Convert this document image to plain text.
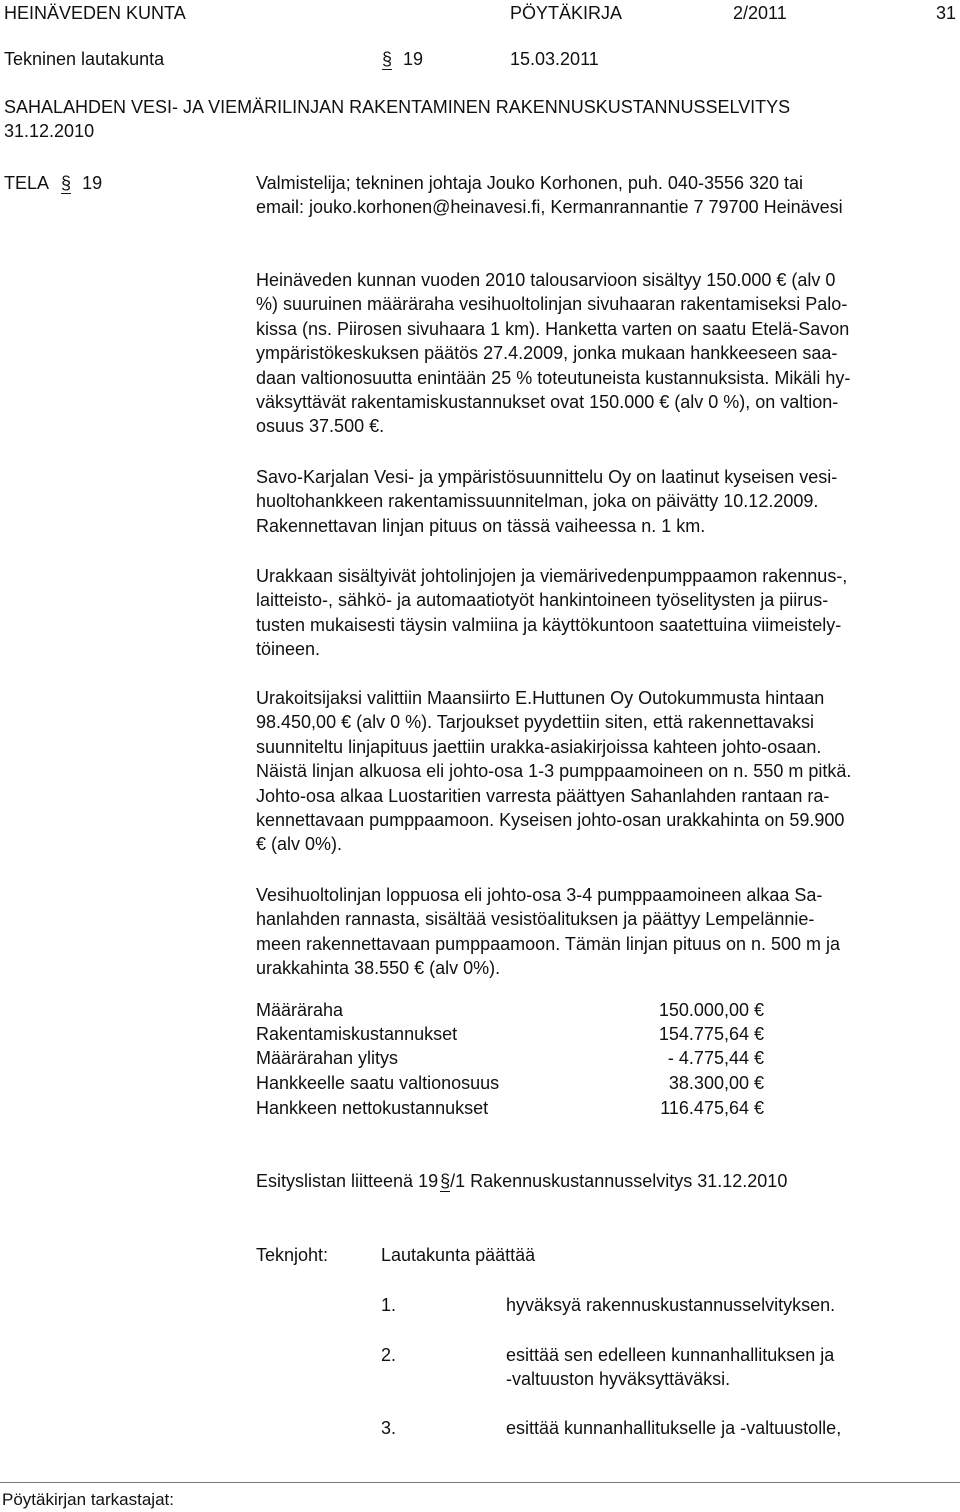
HEINÄVEDEN KUNTA	PÖYTÄKIRJA	2/2011	31
Tekninen lautakunta	§ 19	15.03.2011
SAHALAHDEN VESI- JA VIEMÄRILINJAN RAKENTAMINEN RAKENNUSKUSTANNUSSELVITYS
31.12.2010
TELA § 19	Valmistelija; tekninen johtaja Jouko Korhonen, puh. 040-3556 320 tai
email: jouko.korhonen@heinavesi.fi, Kermanrannantie 7 79700 Heinävesi

Heinäveden kunnan vuoden 2010 talousarvioon sisältyy 150.000 € (alv 0

%) suuruinen määräraha vesihuoltolinjan sivuhaaran rakentamiseksi Palo-

kissa (ns. Piirosen sivuhaara 1 km). Hanketta varten on saatu Etelä-Savon

ympäristökeskuksen päätös 27.4.2009, jonka mukaan hankkeeseen saa-

daan valtionosuutta enintään 25 % toteutuneista kustannuksista. Mikäli hy-

väksyttävät rakentamiskustannukset ovat 150.000 € (alv 0 %), on valtion-

osuus 37.500 €.

Savo-Karjalan Vesi- ja ympäristösuunnittelu Oy on laatinut kyseisen vesi-

huoltohankkeen rakentamissuunnitelman, joka on päivätty 10.12.2009.

Rakennettavan linjan pituus on tässä vaiheessa n. 1 km.

Urakkaan sisältyivät johtolinjojen ja viemärivedenpumppaamon rakennus-,

laitteisto-, sähkö- ja automaatiotyöt hankintoineen työselitysten ja piirus-

tusten mukaisesti täysin valmiina ja käyttökuntoon saatettuina viimeistely-

töineen.

Urakoitsijaksi valittiin Maansiirto E.Huttunen Oy Outokummusta hintaan

98.450,00 € (alv 0 %). Tarjoukset pyydettiin siten, että rakennettavaksi

suunniteltu linjapituus jaettiin urakka-asiakirjoissa kahteen johto-osaan.

Näistä linjan alkuosa eli johto-osa 1-3 pumppaamoineen on n. 550 m pitkä.

Johto-osa alkaa Luostaritien varresta päättyen Sahanlahden rantaan ra-

kennettavaan pumppaamoon. Kyseisen johto-osan urakkahinta on 59.900

€ (alv 0%).

Vesihuoltolinjan loppuosa eli johto-osa 3-4 pumppaamoineen alkaa Sa-

hanlahden rannasta, sisältää vesistöalituksen ja päättyy Lempelännie-

meen rakennettavaan pumppaamoon. Tämän linjan pituus on n. 500 m ja

urakkahinta 38.550 € (alv 0%).

Määräraha	150.000,00 €
Rakentamiskustannukset	154.775,64 €
Määrärahan ylitys	- 4.775,44 €
Hankkeelle saatu valtionosuus	38.300,00 €
Hankkeen nettokustannukset	116.475,64 €
Esityslistan liitteenä 19 §/1 Rakennuskustannusselvitys 31.12.2010
Teknjoht:	Lautakunta päättää
1.	hyväksyä rakennuskustannusselvityksen.
2.	esittää sen edelleen kunnanhallituksen ja
-valtuuston hyväksyttäväksi.
3.	esittää kunnanhallitukselle ja -valtuustolle,
Pöytäkirjan tarkastajat:
